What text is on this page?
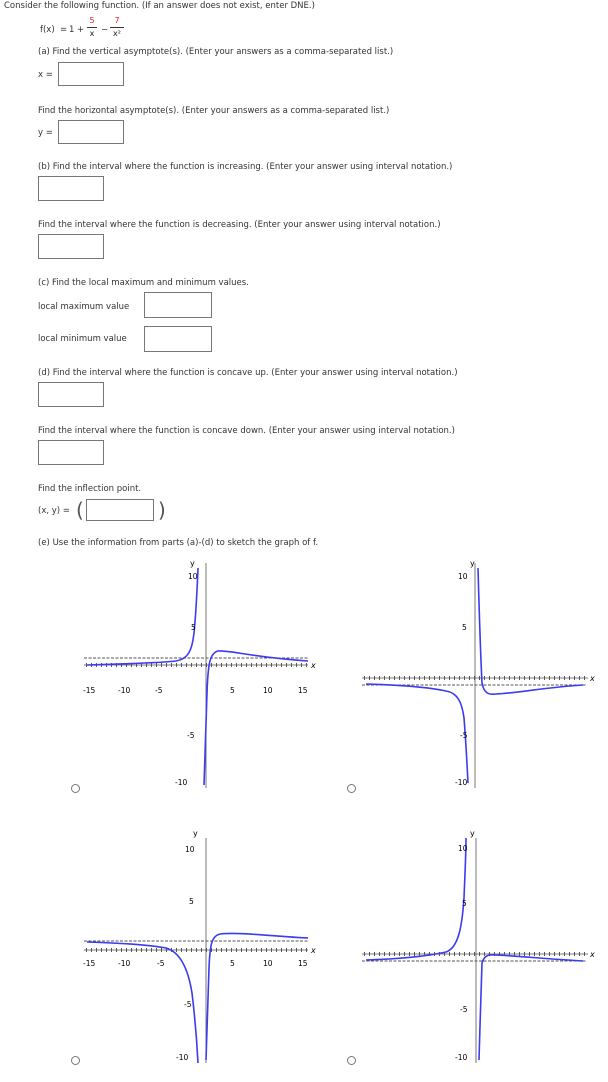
Consider the following function. (If an answer does not exist, enter DNE.)
f(x) = 1 +
5
x −
7
x²
(a) Find the vertical asymptote(s). (Enter your answers as a comma-separated list.)
x =
Find the horizontal asymptote(s). (Enter your answers as a comma-separated list.)
y =
(b) Find the interval where the function is increasing. (Enter your answer using interval notation.)
Find the interval where the function is decreasing. (Enter your answer using interval notation.)
(c) Find the local maximum and minimum values.
local maximum value
local minimum value
(d) Find the interval where the function is concave up. (Enter your answer using interval notation.)
Find the interval where the function is concave down. (Enter your answer using interval notation.)
Find the inflection point.
(x, y) = (	)
(e) Use the information from parts (a)-(d) to sketch the graph of f.
y
x
10
5
-5
-10
-15	-10	-5	5	10	15
y
x
10
5
-5
-10
y
x
10
5
-5
-10
-15	-10	-5	5	10	15
y
x
10
5
-5
-10
